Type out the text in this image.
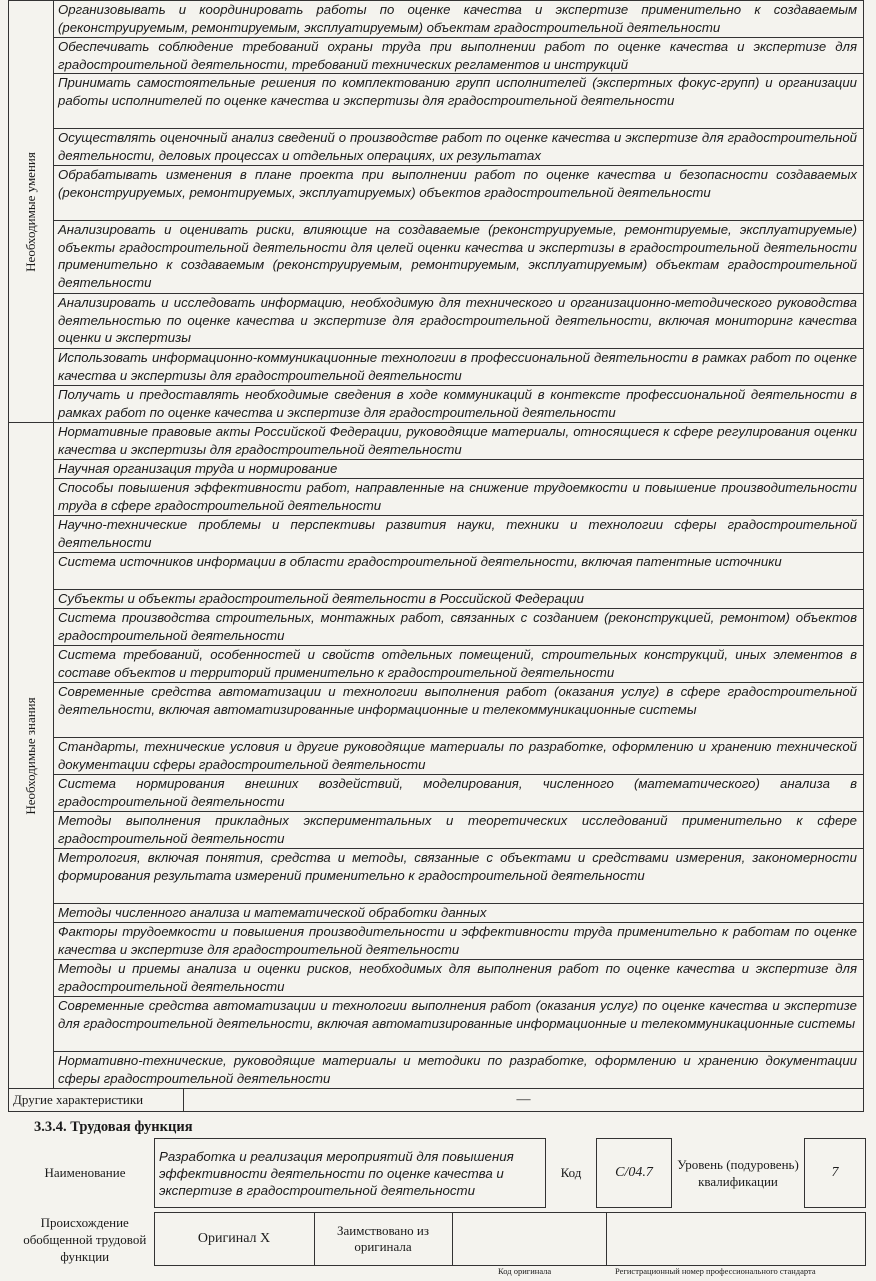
Необходимые умения	Организовывать и координировать работы по оценке качества и экспертизе применительно к создаваемым (реконструируемым, ремонтируемым, эксплуатируемым) объектам градостроительной деятельности	
	Обеспечивать соблюдение требований охраны труда при выполнении работ по оценке качества и экспертизе для градостроительной деятельности, требований технических регламентов и инструкций	
	Принимать самостоятельные решения по комплектованию групп исполнителей (экспертных фокус-групп) и организации работы исполнителей по оценке качества и экспертизы для градостроительной деятельности	
	Осуществлять оценочный анализ сведений о производстве работ по оценке качества и экспертизе для градостроительной деятельности, деловых процессах и отдельных операциях, их результатах	
	Обрабатывать изменения в плане проекта при выполнении работ по оценке качества и безопасности создаваемых (реконструируемых, ремонтируемых, эксплуатируемых) объектов градостроительной деятельности	
	Анализировать и оценивать риски, влияющие на создаваемые (реконструируемые, ремонтируемые, эксплуатируемые) объекты градостроительной деятельности для целей оценки качества и экспертизы в градостроительной деятельности применительно к создаваемым (реконструируемым, ремонтируемым, эксплуатируемым) объектам градостроительной деятельности	
	Анализировать и исследовать информацию, необходимую для технического и организационно-методического руководства деятельностью по оценке качества и экспертизе для градостроительной деятельности, включая мониторинг качества оценки и экспертизы	
	Использовать информационно-коммуникационные технологии в профессиональной деятельности в рамках работ по оценке качества и экспертизы для градостроительной деятельности	
	Получать и предоставлять необходимые сведения в ходе коммуникаций в контексте профессиональной деятельности в рамках работ по оценке качества и экспертизе для градостроительной деятельности	

Необходимые знания	Нормативные правовые акты Российской Федерации, руководящие материалы, относящиеся к сфере регулирования оценки качества и экспертизы для градостроительной деятельности	
	Научная организация труда и нормирование	
	Способы повышения эффективности работ, направленные на снижение трудоемкости и повышение производительности труда в сфере градостроительной деятельности	
	Научно-технические проблемы и перспективы развития науки, техники и технологии сферы градостроительной деятельности	
	Система источников информации в области градостроительной деятельности, включая патентные источники	
	Субъекты и объекты градостроительной деятельности в Российской Федерации	
	Система производства строительных, монтажных работ, связанных с созданием (реконструкцией, ремонтом) объектов градостроительной деятельности	
	Система требований, особенностей и свойств отдельных помещений, строительных конструкций, иных элементов в составе объектов и территорий применительно к градостроительной деятельности	
	Современные средства автоматизации и технологии выполнения работ (оказания услуг) в сфере градостроительной деятельности, включая автоматизированные информационные и телекоммуникационные системы	
	Стандарты, технические условия и другие руководящие материалы по разработке, оформлению и хранению технической документации сферы градостроительной деятельности	
	Система нормирования внешних воздействий, моделирования, численного (математического) анализа в градостроительной деятельности	
	Методы выполнения прикладных экспериментальных и теоретических исследований применительно к сфере градостроительной деятельности	
	Метрология, включая понятия, средства и методы, связанные с объектами и средствами измерения, закономерности формирования результата измерений применительно к градостроительной деятельности	
	Методы численного анализа и математической обработки данных	
	Факторы трудоемкости и повышения производительности и эффективности труда применительно к работам по оценке качества и экспертизе для градостроительной деятельности	
	Методы и приемы анализа и оценки рисков, необходимых для выполнения работ по оценке качества и экспертизе для градостроительной деятельности	
	Современные средства автоматизации и технологии выполнения работ (оказания услуг) по оценке качества и экспертизе для градостроительной деятельности, включая автоматизированные информационные и телекоммуникационные системы	
	Нормативно-технические, руководящие материалы и методики по разработке, оформлению и хранению документации сферы градостроительной деятельности	
Другие характеристики		—
3.3.4. Трудовая функция
Наименование	Разработка и реализация мероприятий для повышения эффективности деятельности по оценке качества и экспертизе в градостроительной деятельности	Код	C/04.7	Уровень (подуровень) квалификации	7
Происхождение обобщенной трудовой функции	Оригинал X	Заимствовано из оригинала		
Код оригинала	Регистрационный номер профессионального стандарта
